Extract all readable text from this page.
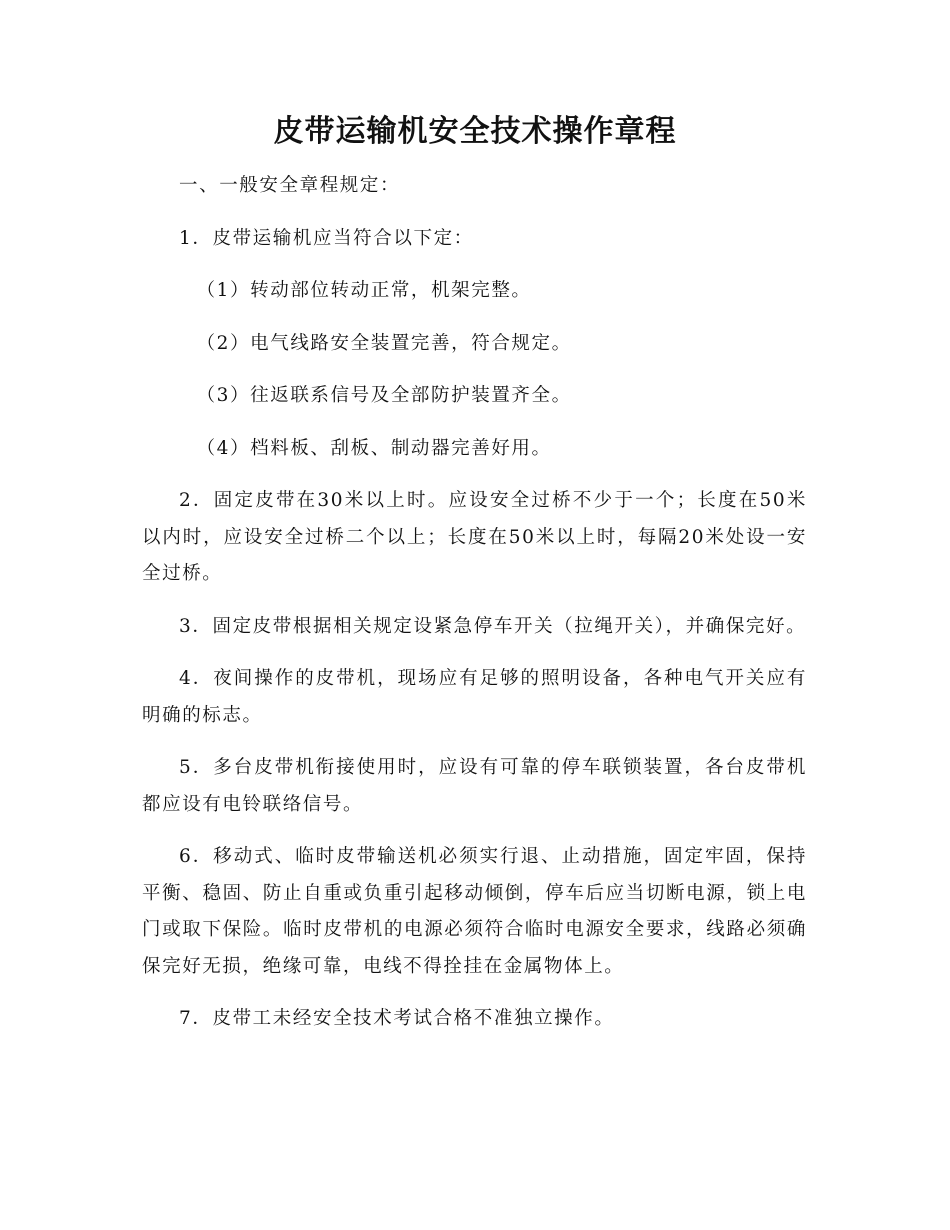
皮带运输机安全技术操作章程

一、一般安全章程规定：

1．皮带运输机应当符合以下定：

（1）转动部位转动正常，机架完整。

（2）电气线路安全装置完善，符合规定。

（3）往返联系信号及全部防护装置齐全。

（4）档料板、刮板、制动器完善好用。

2．固定皮带在30米以上时。应设安全过桥不少于一个；长度在50米以内时，应设安全过桥二个以上；长度在50米以上时，每隔20米处设一安全过桥。

3．固定皮带根据相关规定设紧急停车开关（拉绳开关），并确保完好。

4．夜间操作的皮带机，现场应有足够的照明设备，各种电气开关应有明确的标志。

5．多台皮带机衔接使用时，应设有可靠的停车联锁装置，各台皮带机都应设有电铃联络信号。

6．移动式、临时皮带输送机必须实行退、止动措施，固定牢固，保持平衡、稳固、防止自重或负重引起移动倾倒，停车后应当切断电源，锁上电门或取下保险。临时皮带机的电源必须符合临时电源安全要求，线路必须确保完好无损，绝缘可靠，电线不得拴挂在金属物体上。

7．皮带工未经安全技术考试合格不准独立操作。
